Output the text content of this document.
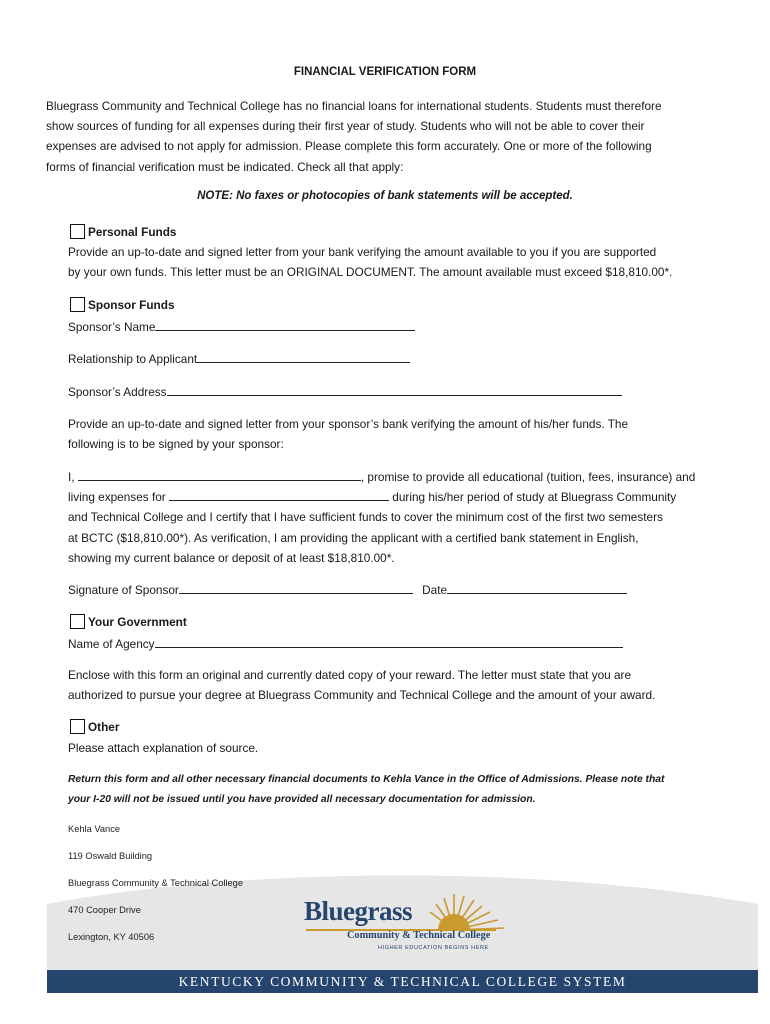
FINANCIAL VERIFICATION FORM
Bluegrass Community and Technical College has no financial loans for international students. Students must therefore
show sources of funding for all expenses during their first year of study. Students who will not be able to cover their
expenses are advised to not apply for admission. Please complete this form accurately. One or more of the following
forms of financial verification must be indicated. Check all that apply:
NOTE: No faxes or photocopies of bank statements will be accepted.
Personal Funds
Provide an up-to-date and signed letter from your bank verifying the amount available to you if you are supported
by your own funds. This letter must be an ORIGINAL DOCUMENT. The amount available must exceed $18,810.00*.
Sponsor Funds
Sponsor’s Name
Relationship to Applicant
Sponsor’s Address
Provide an up-to-date and signed letter from your sponsor’s bank verifying the amount of his/her funds. The
following is to be signed by your sponsor:
I,	, promise to provide all educational (tuition, fees, insurance) and
living expenses for	during his/her period of study at Bluegrass Community
and Technical College and I certify that I have sufficient funds to cover the minimum cost of the first two semesters
at BCTC ($18,810.00*). As verification, I am providing the applicant with a certified bank statement in English,
showing my current balance or deposit of at least $18,810.00*.
Signature of Sponsor	Date
Your Government
Name of Agency
Enclose with this form an original and currently dated copy of your reward. The letter must state that you are
authorized to pursue your degree at Bluegrass Community and Technical College and the amount of your award.
Other
Please attach explanation of source.
Return this form and all other necessary financial documents to Kehla Vance in the Office of Admissions. Please note that
your I-20 will not be issued until you have provided all necessary documentation for admission.
Kehla Vance
119 Oswald Building
Bluegrass Community & Technical College
470 Cooper Drive
Lexington, KY 40506
Bluegrass
Community & Technical College
HIGHER EDUCATION BEGINS HERE
KENTUCKY COMMUNITY & TECHNICAL COLLEGE SYSTEM
